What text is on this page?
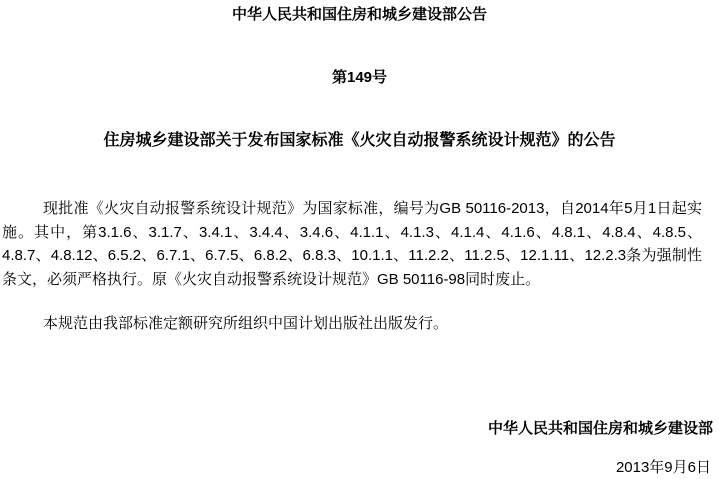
中华人民共和国住房和城乡建设部公告
第149号
住房城乡建设部关于发布国家标准《火灾自动报警系统设计规范》的公告

现批准《火灾自动报警系统设计规范》为国家标准，编号为GB 50116-2013，自2014年5月1日起实施。其中，第3.1.6、3.1.7、3.4.1、3.4.4、3.4.6、4.1.1、4.1.3、4.1.4、4.1.6、4.8.1、4.8.4、4.8.5、4.8.7、4.8.12、6.5.2、6.7.1、6.7.5、6.8.2、6.8.3、10.1.1、11.2.2、11.2.5、12.1.11、12.2.3条为强制性条文，必须严格执行。原《火灾自动报警系统设计规范》GB 50116-98同时废止。

本规范由我部标准定额研究所组织中国计划出版社出版发行。

中华人民共和国住房和城乡建设部
2013年9月6日
